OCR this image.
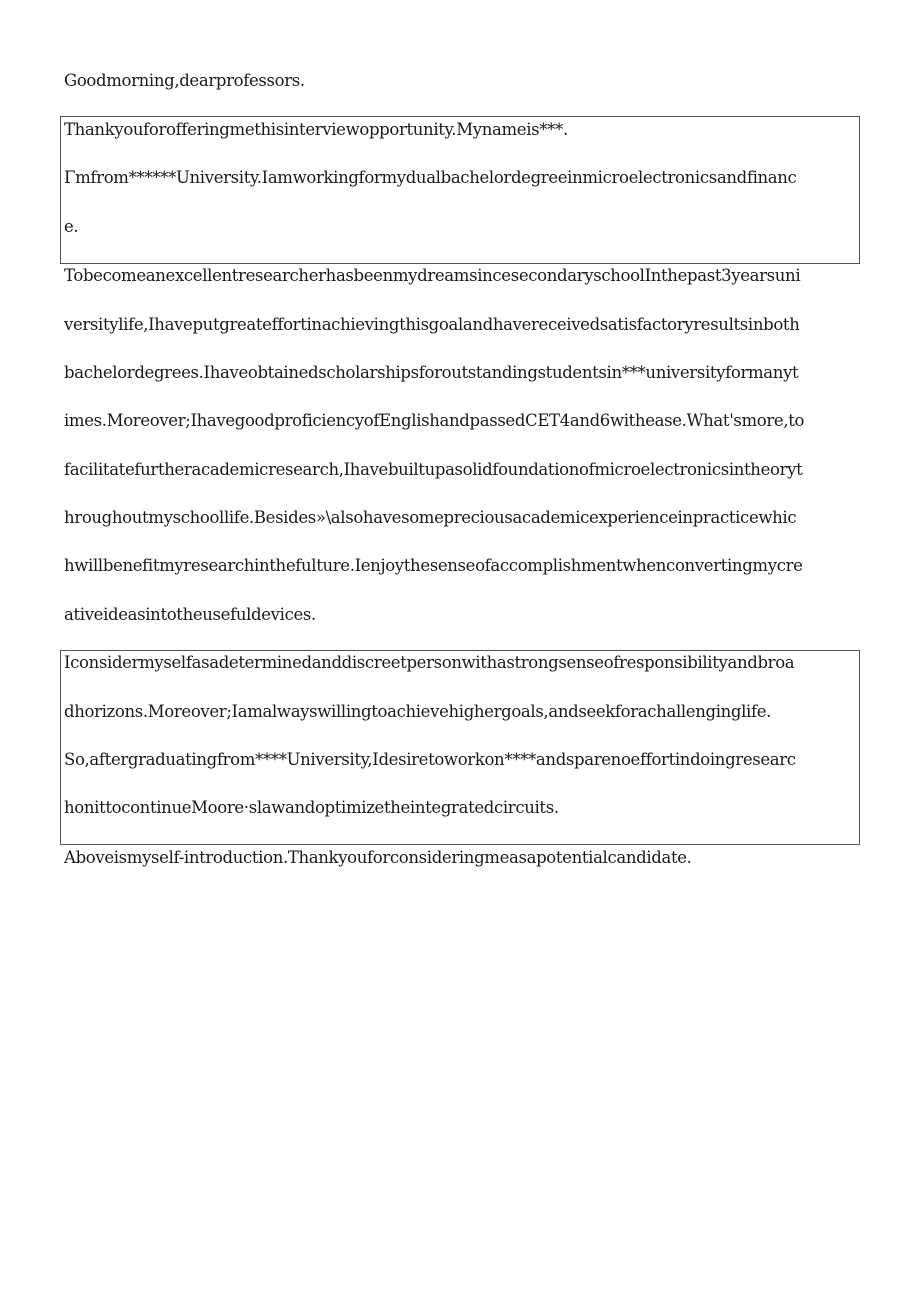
Goodmorning,dearprofessors.
Thankyouforofferingmethisinterviewopportunity.Mynameis***.
Γmfrom******University.Iamworkingformydualbachelordegreeinmicroelectronicsandfinanc
e.
TobecomeanexcellentresearcherhasbeenmydreamsincesecondaryschoolInthepast3yearsuni
versitylife,Ihaveputgreateffortinachievingthisgoalandhavereceivedsatisfactoryresultsinboth
bachelordegrees.Ihaveobtainedscholarshipsforoutstandingstudentsin***universityformanyt
imes.Moreover;IhavegoodproficiencyofEnglishandpassedCET4and6withease.What'smore,to
facilitatefurtheracademicresearch,Ihavebuiltupasolidfoundationofmicroelectronicsintheoryt
hroughoutmyschoollife.Besides»\alsohavesomepreciousacademicexperienceinpracticewhic
hwillbenefitmyresearchinthefulture.Ienjoythesenseofaccomplishmentwhenconvertingmycre
ativeideasintotheusefuldevices.
Iconsidermyselfasadeterminedanddiscreetpersonwithastrongsenseofresponsibilityandbroa
dhorizons.Moreover;Iamalwayswillingtoachievehighergoals,andseekforachallenginglife.
So,aftergraduatingfrom****University,Idesiretoworkon****andsparenoeffortindoingresearc
honittocontinueMoore·slawandoptimizetheintegratedcircuits.
Aboveismyself-introduction.Thankyouforconsideringmeasapotentialcandidate.
